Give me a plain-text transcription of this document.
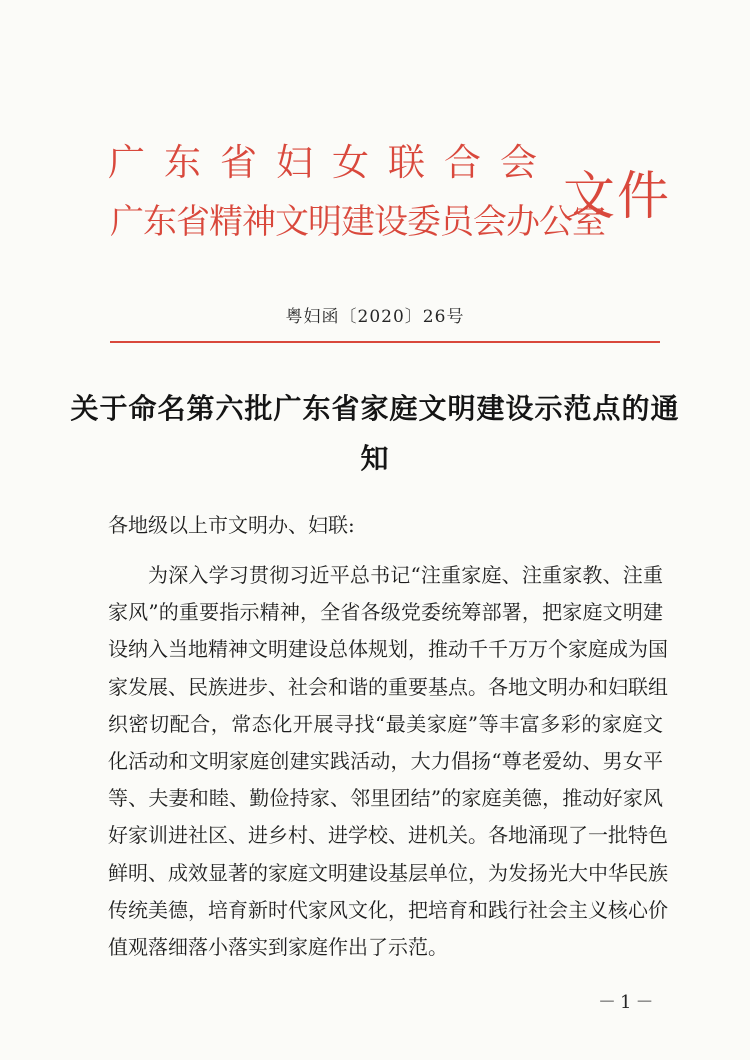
广东省妇女联合会
广东省精神文明建设委员会办公室
文件
粤妇函〔2020〕26号
关于命名第六批广东省家庭文明建设示范点的通知
各地级以上市文明办、妇联:
为深入学习贯彻习近平总书记“注重家庭、注重家教、注重
家风”的重要指示精神，全省各级党委统筹部署，把家庭文明建
设纳入当地精神文明建设总体规划，推动千千万万个家庭成为国
家发展、民族进步、社会和谐的重要基点。各地文明办和妇联组
织密切配合，常态化开展寻找“最美家庭”等丰富多彩的家庭文
化活动和文明家庭创建实践活动，大力倡扬“尊老爱幼、男女平
等、夫妻和睦、勤俭持家、邻里团结”的家庭美德，推动好家风
好家训进社区、进乡村、进学校、进机关。各地涌现了一批特色
鲜明、成效显著的家庭文明建设基层单位，为发扬光大中华民族
传统美德，培育新时代家风文化，把培育和践行社会主义核心价
值观落细落小落实到家庭作出了示范。
－1－
